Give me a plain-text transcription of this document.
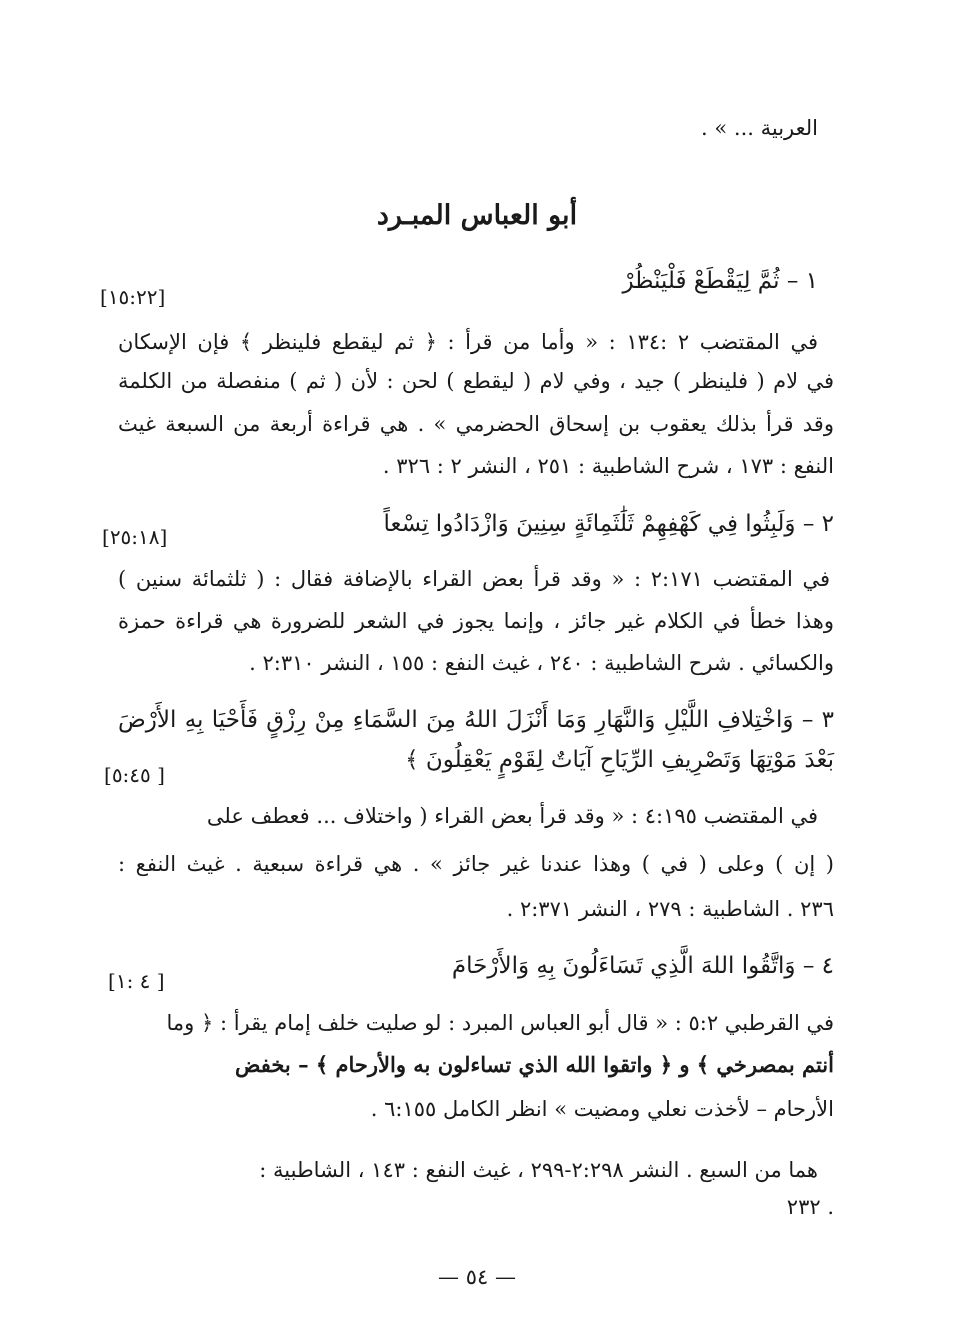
العربية ... » .
أبو العباس المبـرد
١ – ثُمَّ لِيَقْطَعْ فَلْيَنْظُرْ
[١٥:٢٢]
في المقتضب ٢ :١٣٤ : « وأما من قرأ : ﴿ ثم ليقطع فلينظر ﴾ فإن الإسكان
في لام ( فلينظر ) جيد ، وفي لام ( ليقطع ) لحن : لأن ( ثم ) منفصلة من الكلمة
وقد قرأ بذلك يعقوب بن إسحاق الحضرمي » . هي قراءة أربعة من السبعة غيث
النفع : ١٧٣ ، شرح الشاطبية : ٢٥١ ، النشر ٢ : ٣٢٦ .
٢ – وَلَبِثُوا فِي كَهْفِهِمْ ثَلَٰثَمِائَةٍ سِنِينَ وَازْدَادُوا تِسْعاً
[٢٥:١٨]
في المقتضب ٢:١٧١ : « وقد قرأ بعض القراء بالإضافة فقال : ( ثلثمائة سنين )
وهذا خطأ في الكلام غير جائز ، وإنما يجوز في الشعر للضرورة هي قراءة حمزة
والكسائي . شرح الشاطبية : ٢٤٠ ، غيث النفع : ١٥٥ ، النشر ٢:٣١٠ .
٣ – وَاخْتِلافِ اللَّيْلِ وَالنَّهَارِ وَمَا أَنْزَلَ اللهُ مِنَ السَّمَاءِ مِنْ رِزْقٍ فَأَحْيَا بِهِ الأَرْضَ
بَعْدَ مَوْتِهَا وَتَصْرِيفِ الرِّيَاحِ آيَاتٌ لِقَوْمٍ يَعْقِلُونَ ﴾
[٥:٤٥ ]
في المقتضب ٤:١٩٥ : « وقد قرأ بعض القراء ( واختلاف ... فعطف على
( إن ) وعلى ( في ) وهذا عندنا غير جائز » . هي قراءة سبعية . غيث النفع :
٢٣٦ . الشاطبية : ٢٧٩ ، النشر ٢:٣٧١ .
٤ – وَاتَّقُوا اللهَ الَّذِي تَسَاءَلُونَ بِهِ وَالأَرْحَامَ
[٤ :١ ]
في القرطبي ٥:٢ : « قال أبو العباس المبرد : لو صليت خلف إمام يقرأ : ﴿ وما
أنتم بمصرخي ﴾ و ﴿ واتقوا الله الذي تساءلون به والأرحام ﴾ – بخفض
الأرحام – لأخذت نعلي ومضيت » انظر الكامل ٦:١٥٥ .
هما من السبع . النشر ٢:٢٩٨-٢٩٩ ، غيث النفع : ١٤٣ ، الشاطبية :
٢٣٢ .
— ٥٤ —
